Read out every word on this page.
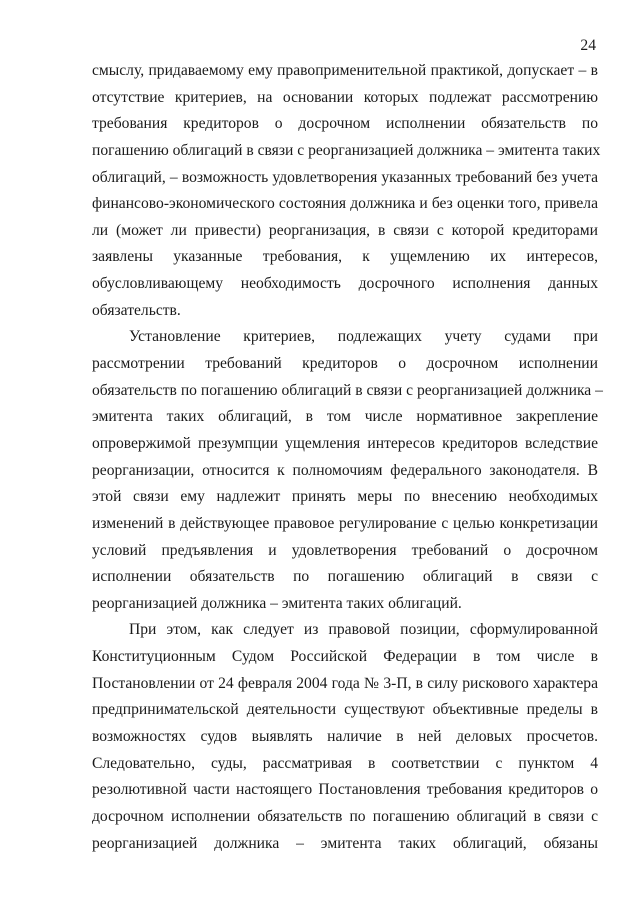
24
смыслу, придаваемому ему правоприменительной практикой, допускает – в
отсутствие критериев, на основании которых подлежат рассмотрению
требования кредиторов о досрочном исполнении обязательств по
погашению облигаций в связи с реорганизацией должника – эмитента таких
облигаций, – возможность удовлетворения указанных требований без учета
финансово-экономического состояния должника и без оценки того, привела
ли (может ли привести) реорганизация, в связи с которой кредиторами
заявлены указанные требования, к ущемлению их интересов,
обусловливающему необходимость досрочного исполнения данных
обязательств.
Установление критериев, подлежащих учету судами при
рассмотрении требований кредиторов о досрочном исполнении
обязательств по погашению облигаций в связи с реорганизацией должника –
эмитента таких облигаций, в том числе нормативное закрепление
опровержимой презумпции ущемления интересов кредиторов вследствие
реорганизации, относится к полномочиям федерального законодателя. В
этой связи ему надлежит принять меры по внесению необходимых
изменений в действующее правовое регулирование с целью конкретизации
условий предъявления и удовлетворения требований о досрочном
исполнении обязательств по погашению облигаций в связи с
реорганизацией должника – эмитента таких облигаций.
При этом, как следует из правовой позиции, сформулированной
Конституционным Судом Российской Федерации в том числе в
Постановлении от 24 февраля 2004 года № 3-П, в силу рискового характера
предпринимательской деятельности существуют объективные пределы в
возможностях судов выявлять наличие в ней деловых просчетов.
Следовательно, суды, рассматривая в соответствии с пунктом 4
резолютивной части настоящего Постановления требования кредиторов о
досрочном исполнении обязательств по погашению облигаций в связи с
реорганизацией должника – эмитента таких облигаций, обязаны
